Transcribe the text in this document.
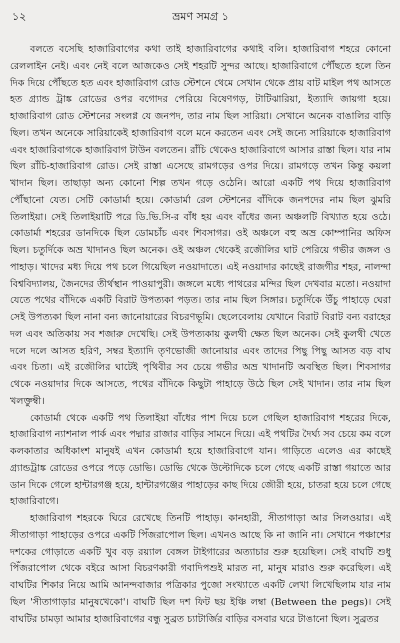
১২	ভ্রমণ সমগ্র ১

বলতে বসেছি হাজারিবাগের কথা তাই হাজারিবাগের কথাই বলি। হাজারিবাগ শহরে কোনো রেললাইন নেই। এবং নেই বলে আজকেও সেই শহরটি সুন্দর আছে। হাজারিবাগে পৌঁছতে হলে তিন দিক দিয়ে পৌঁছতে হত এবং হাজারিবাগ রোড স্টেশনে থেমে সেখান থেকে প্রায় বাট মাইল পথ আসতে হত গ্র্যান্ড ট্রাঙ্ক রোডের ওপর বগোদর পেরিয়ে বিষেণগড়, টাটিঝারিয়া, ইত্যাদি জায়গা হয়ে। হাজারিবাগ রোড স্টেশনের সংলগ্ন যে জনপদ, তার নাম ছিল সারিয়া। সেখানে অনেক বাঙালির বাড়ি ছিল। তখন অনেকে সারিয়াকেই হাজারিবাগ বলে মনে করতেন এবং সেই জন্যে সারিয়াকে হাজারিবাগ এবং হাজারিবাগকে হাজারিবাগ টাউন বলতেন। রাঁচি থেকেও হাজারিবাগে আসার রাস্তা ছিল। যার নাম ছিল রাঁচি-হাজারিবাগ রোড। সেই রাস্তা এসেছে রামগড়ের ওপর দিয়ে। রামগড়ে তখন কিন্তু কয়লা খাদান ছিল। তাছাড়া অন্য কোনো শিল্প তখন গড়ে ওঠেনি। আরো একটি পথ দিয়ে হাজারিবাগ পৌঁছানো যেত। সেটি কোডার্মা হয়ে। কোডার্মা রেল স্টেশনের বাঁদিকে জনপদের নাম ছিল ঝুমরি তিলাইয়া। সেই তিলাইয়াটি পরে ডি.ভি.সি-র বাঁধ হয় এবং বাঁধের জন্য অঞ্চলটি বিখ্যাত হয়ে ওঠে। কোডার্মা শহরের ডানদিকে ছিল ডোমচাঁচ এবং শিবসাগর। ওই অঞ্চলে বহু অভ্র কোম্পানির অফিস ছিল। চতুর্দিকে অভ্র খাদানও ছিল অনেক। ওই অঞ্চল থেকেই রজৌলির ঘাট পেরিয়ে গভীর জঙ্গল ও পাহাড়। খাদের মধ্য দিয়ে পথ চলে গিয়েছিল নওয়াদাতে। এই নওয়াদার কাছেই রাজগীর শহর, নালন্দা বিশ্ববিদ্যালয়, জৈনদের তীর্থস্থান পাওয়াপুরী। জঙ্গলে মধ্যে পাথরের মন্দির ছিল দেখবার মতো। নওয়াদা যেতে পথের বাঁদিকে একটি বিরাট উপত্যকা পড়ত। তার নাম ছিল সিঙ্গার। চতুর্দিকে উঁচু পাহাড়ে ঘেরা সেই উপত্যকা ছিল নানা বন্য জানোয়ারের বিচরণভূমি। ছেলেবেলায় যেখানে বিরাট বিরাট বন্য বরাহের দল এবং অতিকায় সব শজারু দেখেছি। সেই উপত্যকায় কুলথী ক্ষেত ছিল অনেক। সেই কুলথী খেতে দলে দলে আসত হরিণ, সম্বর ইত্যাদি তৃণভোজী জানোয়ার এবং তাদের পিছু পিছু আসত বড় বাঘ এবং চিতা। এই রজৌলির ঘাটেই পৃথিবীর সব চেয়ে গভীর অভ্র খাদানটি অবস্থিত ছিল। শিবসাগর থেকে নওয়াদার দিকে আসতে, পথের বাঁদিকে কিছুটা পাহাড়ে উঠে ছিল সেই খাদান। তার নাম ছিল খলক্তুম্বী।

কোডার্মা থেকে একটি পথ তিলাইয়া বাঁধের পাশ দিয়ে চলে গেছিল হাজারিবাগ শহরের দিকে, হাজারিবাগ ন্যাশনাল পার্ক এবং পদ্মার রাজার বাড়ির সামনে দিয়ে। এই পথটির দৈর্ঘ্য সব চেয়ে কম বলে কলকাতার অধিকাংশ মানুষই এখন কোডার্মা হয়ে হাজারিবাগে যান। গাড়িতে এলেও এর কাছেই গ্র্যান্ডট্রাঙ্ক রোডের ওপরে পড়ে ডোভি। ডোভি থেকে উল্টোদিকে চলে গেছে একটি রাস্তা গয়াতে আর ডান দিকে গেলে হান্টারগঞ্জ হয়ে, হান্টারগঞ্জের পাহাড়ের কাছ দিয়ে জৌরী হয়ে, চাতরা হয়ে চলে গেছে হাজারিবাগে।

হাজারিবাগ শহরকে ঘিরে রেখেছে তিনটি পাহাড়। কানহারী, সীতাগাড়া আর সিলওয়ার। এই সীতাগাড়া পাহাড়ের ওপরে একটি পিঁজরাপোল ছিল। এখনও আছে কি না জানি না। সেখানে পঞ্চাশের দশকের গোড়াতে একটি খুব বড় রয়্যাল বেঙ্গল টাইগারের অত্যাচার শুরু হয়েছিল। সেই বাঘটি শুধু পিঁজরাপোল থেকে বইরে আসা বিচরণকারী গবাদিপশুই মারত না, মানুষ মারাও শুরু করেছিল। এই বাঘটির শিকার নিয়ে আমি আনন্দবাজার পত্রিকার পুজো সংখ্যাতে একটি লেখা লিখেছিলাম যার নাম ছিল 'সীতাগাড়ার মানুষখেকো'। বাঘটি ছিল দশ ফিট ছয় ইঞ্চি লম্বা (Between the pegs)। সেই বাঘটির চামড়া আমার হাজারিবাগের বন্ধু সুব্রত চ্যাটার্জির বাড়ির বসবার ঘরে টাঙানো ছিল। সুব্রতর
